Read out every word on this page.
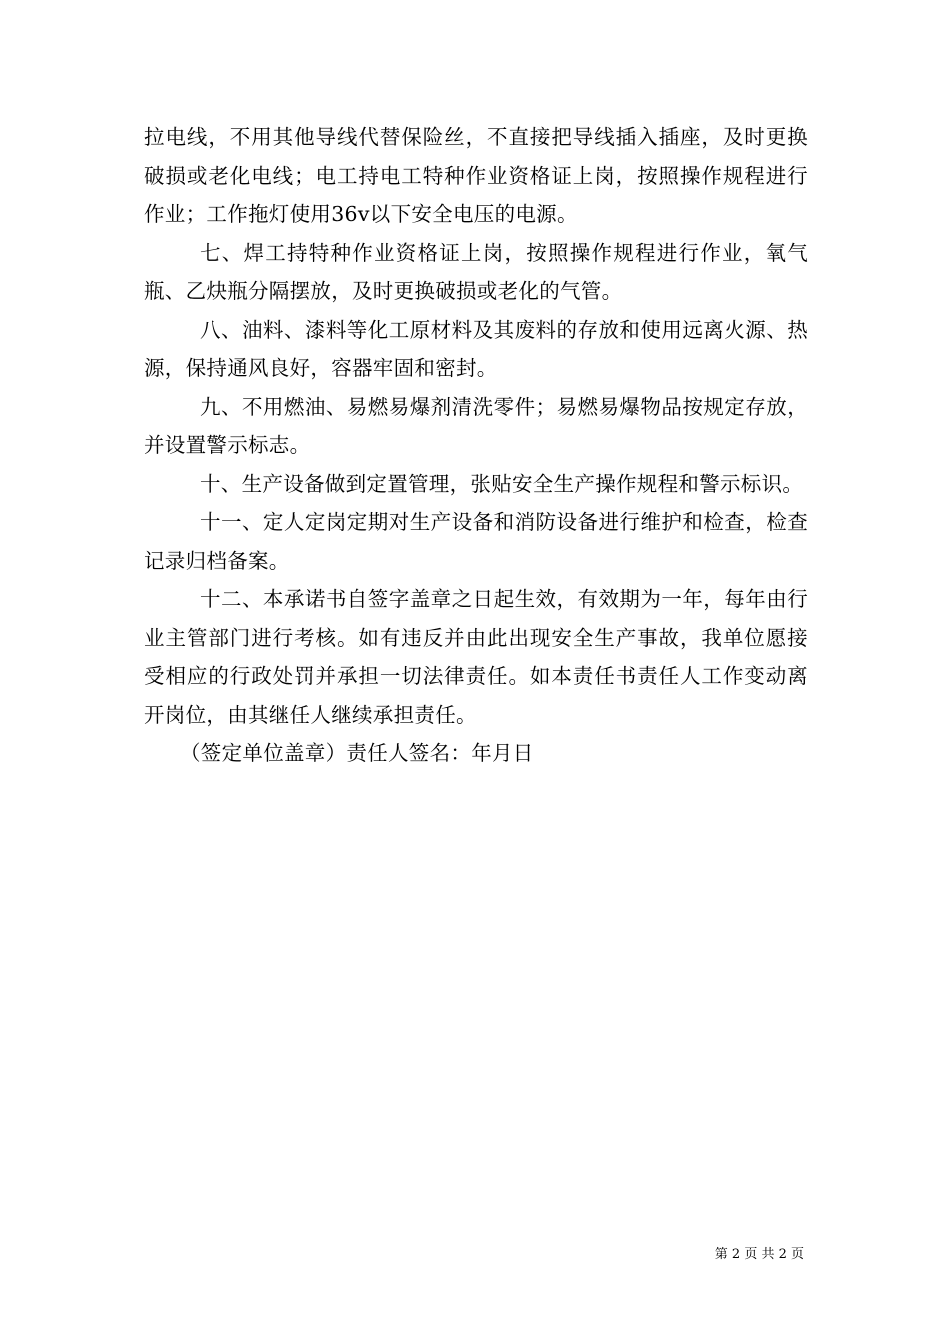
拉电线，不用其他导线代替保险丝，不直接把导线插入插座，及时更换破损或老化电线；电工持电工特种作业资格证上岗，按照操作规程进行作业；工作拖灯使用36v以下安全电压的电源。

七、焊工持特种作业资格证上岗，按照操作规程进行作业，氧气瓶、乙炔瓶分隔摆放，及时更换破损或老化的气管。

八、油料、漆料等化工原材料及其废料的存放和使用远离火源、热源，保持通风良好，容器牢固和密封。

九、不用燃油、易燃易爆剂清洗零件；易燃易爆物品按规定存放，并设置警示标志。

十、生产设备做到定置管理，张贴安全生产操作规程和警示标识。

十一、定人定岗定期对生产设备和消防设备进行维护和检查，检查记录归档备案。

十二、本承诺书自签字盖章之日起生效，有效期为一年，每年由行业主管部门进行考核。如有违反并由此出现安全生产事故，我单位愿接受相应的行政处罚并承担一切法律责任。如本责任书责任人工作变动离开岗位，由其继任人继续承担责任。

（签定单位盖章）责任人签名：年月日

第 2 页 共 2 页
